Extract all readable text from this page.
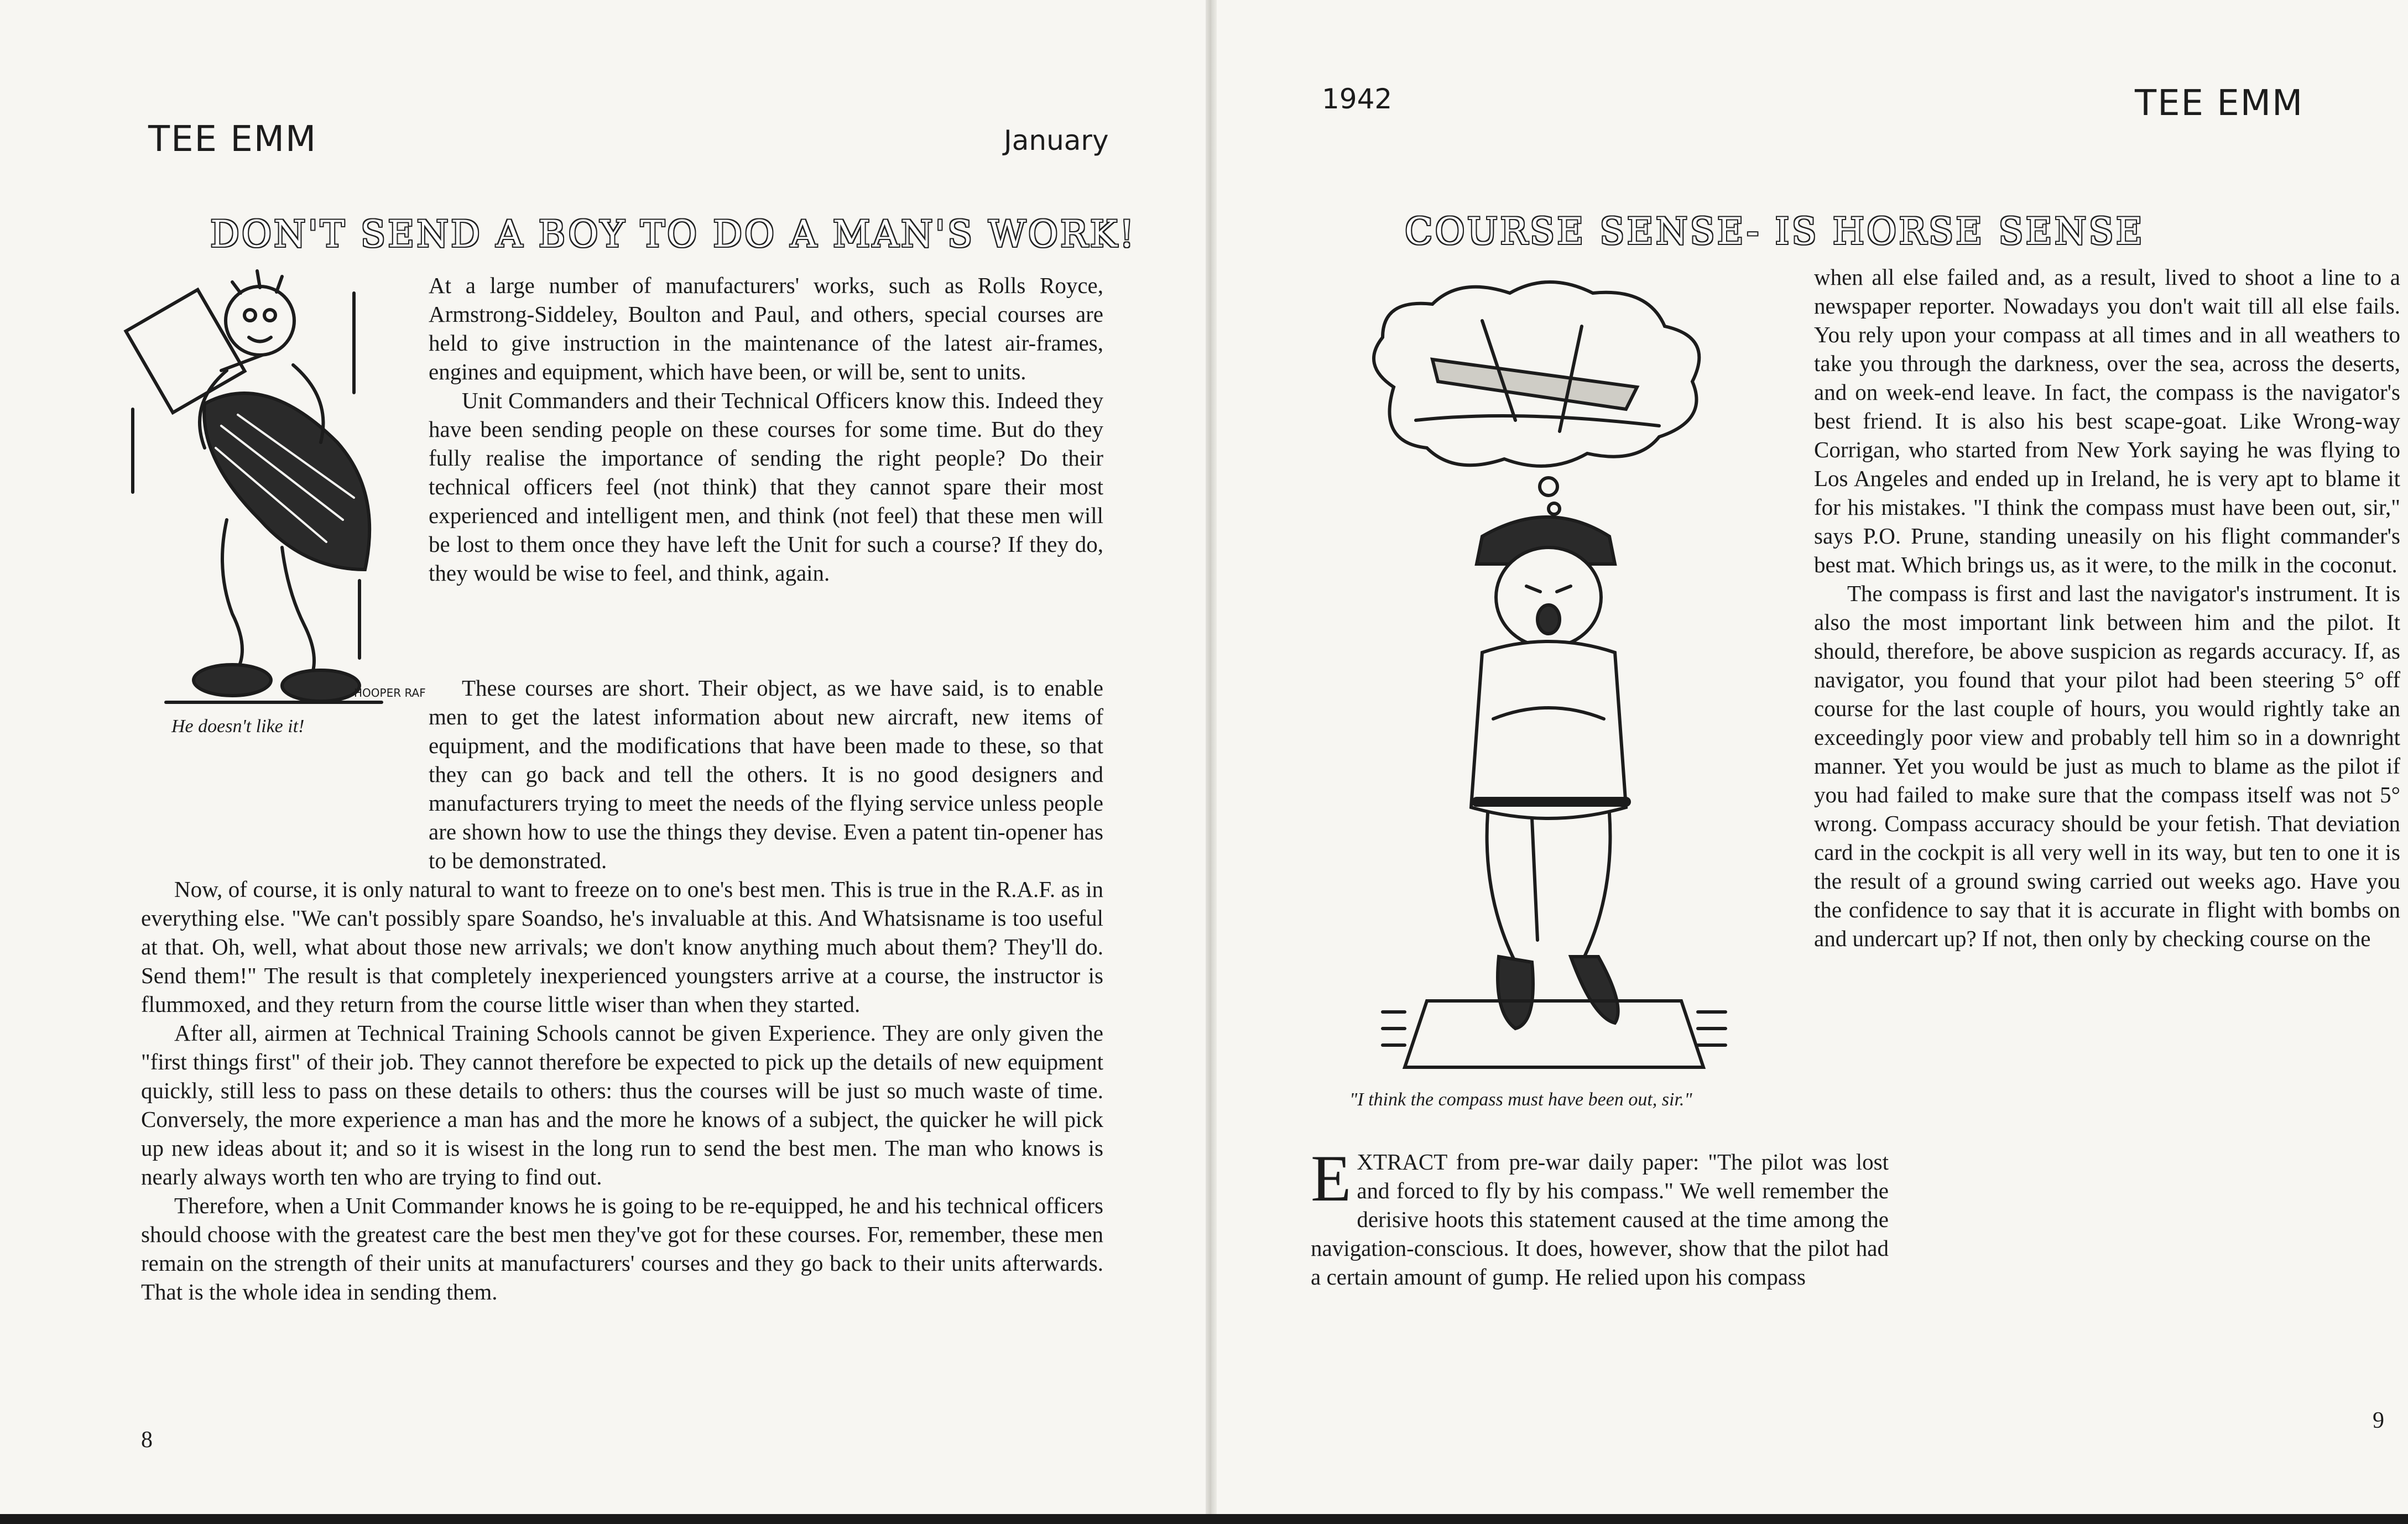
TEE EMM	January
DON'T SEND A BOY TO DO A MAN'S WORK!
HOOPER RAF
He doesn't like it!

At a large number of manufacturers' works, such as Rolls Royce, Armstrong-Siddeley, Boulton and Paul, and others, special courses are held to give instruction in the maintenance of the latest air-frames, engines and equipment, which have been, or will be, sent to units.

Unit Commanders and their Technical Officers know this. Indeed they have been sending people on these courses for some time. But do they fully realise the importance of sending the right people? Do their technical officers feel (not think) that they cannot spare their most experienced and intelligent men, and think (not feel) that these men will be lost to them once they have left the Unit for such a course? If they do, they would be wise to feel, and think, again.

These courses are short. Their object, as we have said, is to enable men to get the latest information about new aircraft, new items of equipment, and the modifications that have been made to these, so that they can go back and tell the others. It is no good designers and manufacturers trying to meet the needs of the flying service unless people are shown how to use the things they devise. Even a patent tin-opener has to be demonstrated.

Now, of course, it is only natural to want to freeze on to one's best men. This is true in the R.A.F. as in everything else. "We can't possibly spare Soandso, he's invaluable at this. And Whatsisname is too useful at that. Oh, well, what about those new arrivals; we don't know anything much about them? They'll do. Send them!" The result is that completely inexperienced youngsters arrive at a course, the instructor is flummoxed, and they return from the course little wiser than when they started.

After all, airmen at Technical Training Schools cannot be given Experience. They are only given the "first things first" of their job. They cannot therefore be expected to pick up the details of new equipment quickly, still less to pass on these details to others: thus the courses will be just so much waste of time. Conversely, the more experience a man has and the more he knows of a subject, the quicker he will pick up new ideas about it; and so it is wisest in the long run to send the best men. The man who knows is nearly always worth ten who are trying to find out.

Therefore, when a Unit Commander knows he is going to be re-equipped, he and his technical officers should choose with the greatest care the best men they've got for these courses. For, remember, these men remain on the strength of their units at manufacturers' courses and they go back to their units afterwards. That is the whole idea in sending them.

8
1942	TEE EMM
COURSE SENSE- IS HORSE SENSE
"I think the compass must have been out, sir."

EXTRACT from pre-war daily paper: "The pilot was lost and forced to fly by his compass." We well remember the derisive hoots this statement caused at the time among the navigation-conscious. It does, however, show that the pilot had a certain amount of gump. He relied upon his compass

when all else failed and, as a result, lived to shoot a line to a newspaper reporter. Nowadays you don't wait till all else fails. You rely upon your compass at all times and in all weathers to take you through the darkness, over the sea, across the deserts, and on week-end leave. In fact, the compass is the navigator's best friend. It is also his best scape-goat. Like Wrong-way Corrigan, who started from New York saying he was flying to Los Angeles and ended up in Ireland, he is very apt to blame it for his mistakes. "I think the compass must have been out, sir," says P.O. Prune, standing uneasily on his flight commander's best mat. Which brings us, as it were, to the milk in the coconut.

The compass is first and last the navigator's instrument. It is also the most important link between him and the pilot. It should, therefore, be above suspicion as regards accuracy. If, as navigator, you found that your pilot had been steering 5° off course for the last couple of hours, you would rightly take an exceedingly poor view and probably tell him so in a downright manner. Yet you would be just as much to blame as the pilot if you had failed to make sure that the compass itself was not 5° wrong. Compass accuracy should be your fetish. That deviation card in the cockpit is all very well in its way, but ten to one it is the result of a ground swing carried out weeks ago. Have you the confidence to say that it is accurate in flight with bombs on and undercart up? If not, then only by checking course on the

9
